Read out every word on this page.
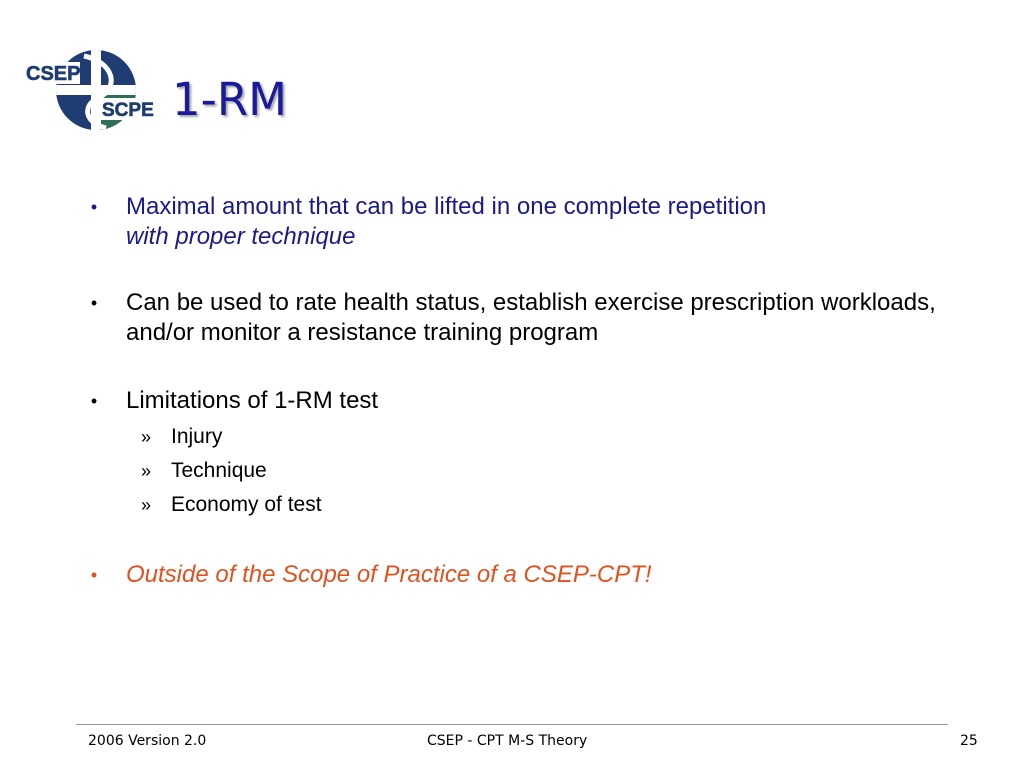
CSEP
SCPE 1-RM
• Maximal amount that can be lifted in one complete repetition
with proper technique
• Can be used to rate health status, establish exercise prescription workloads, and/or monitor a resistance training program
• Limitations of 1-RM test
» Injury
» Technique
» Economy of test
• Outside of the Scope of Practice of a CSEP-CPT!
2006 Version 2.0	CSEP - CPT M-S Theory	25
